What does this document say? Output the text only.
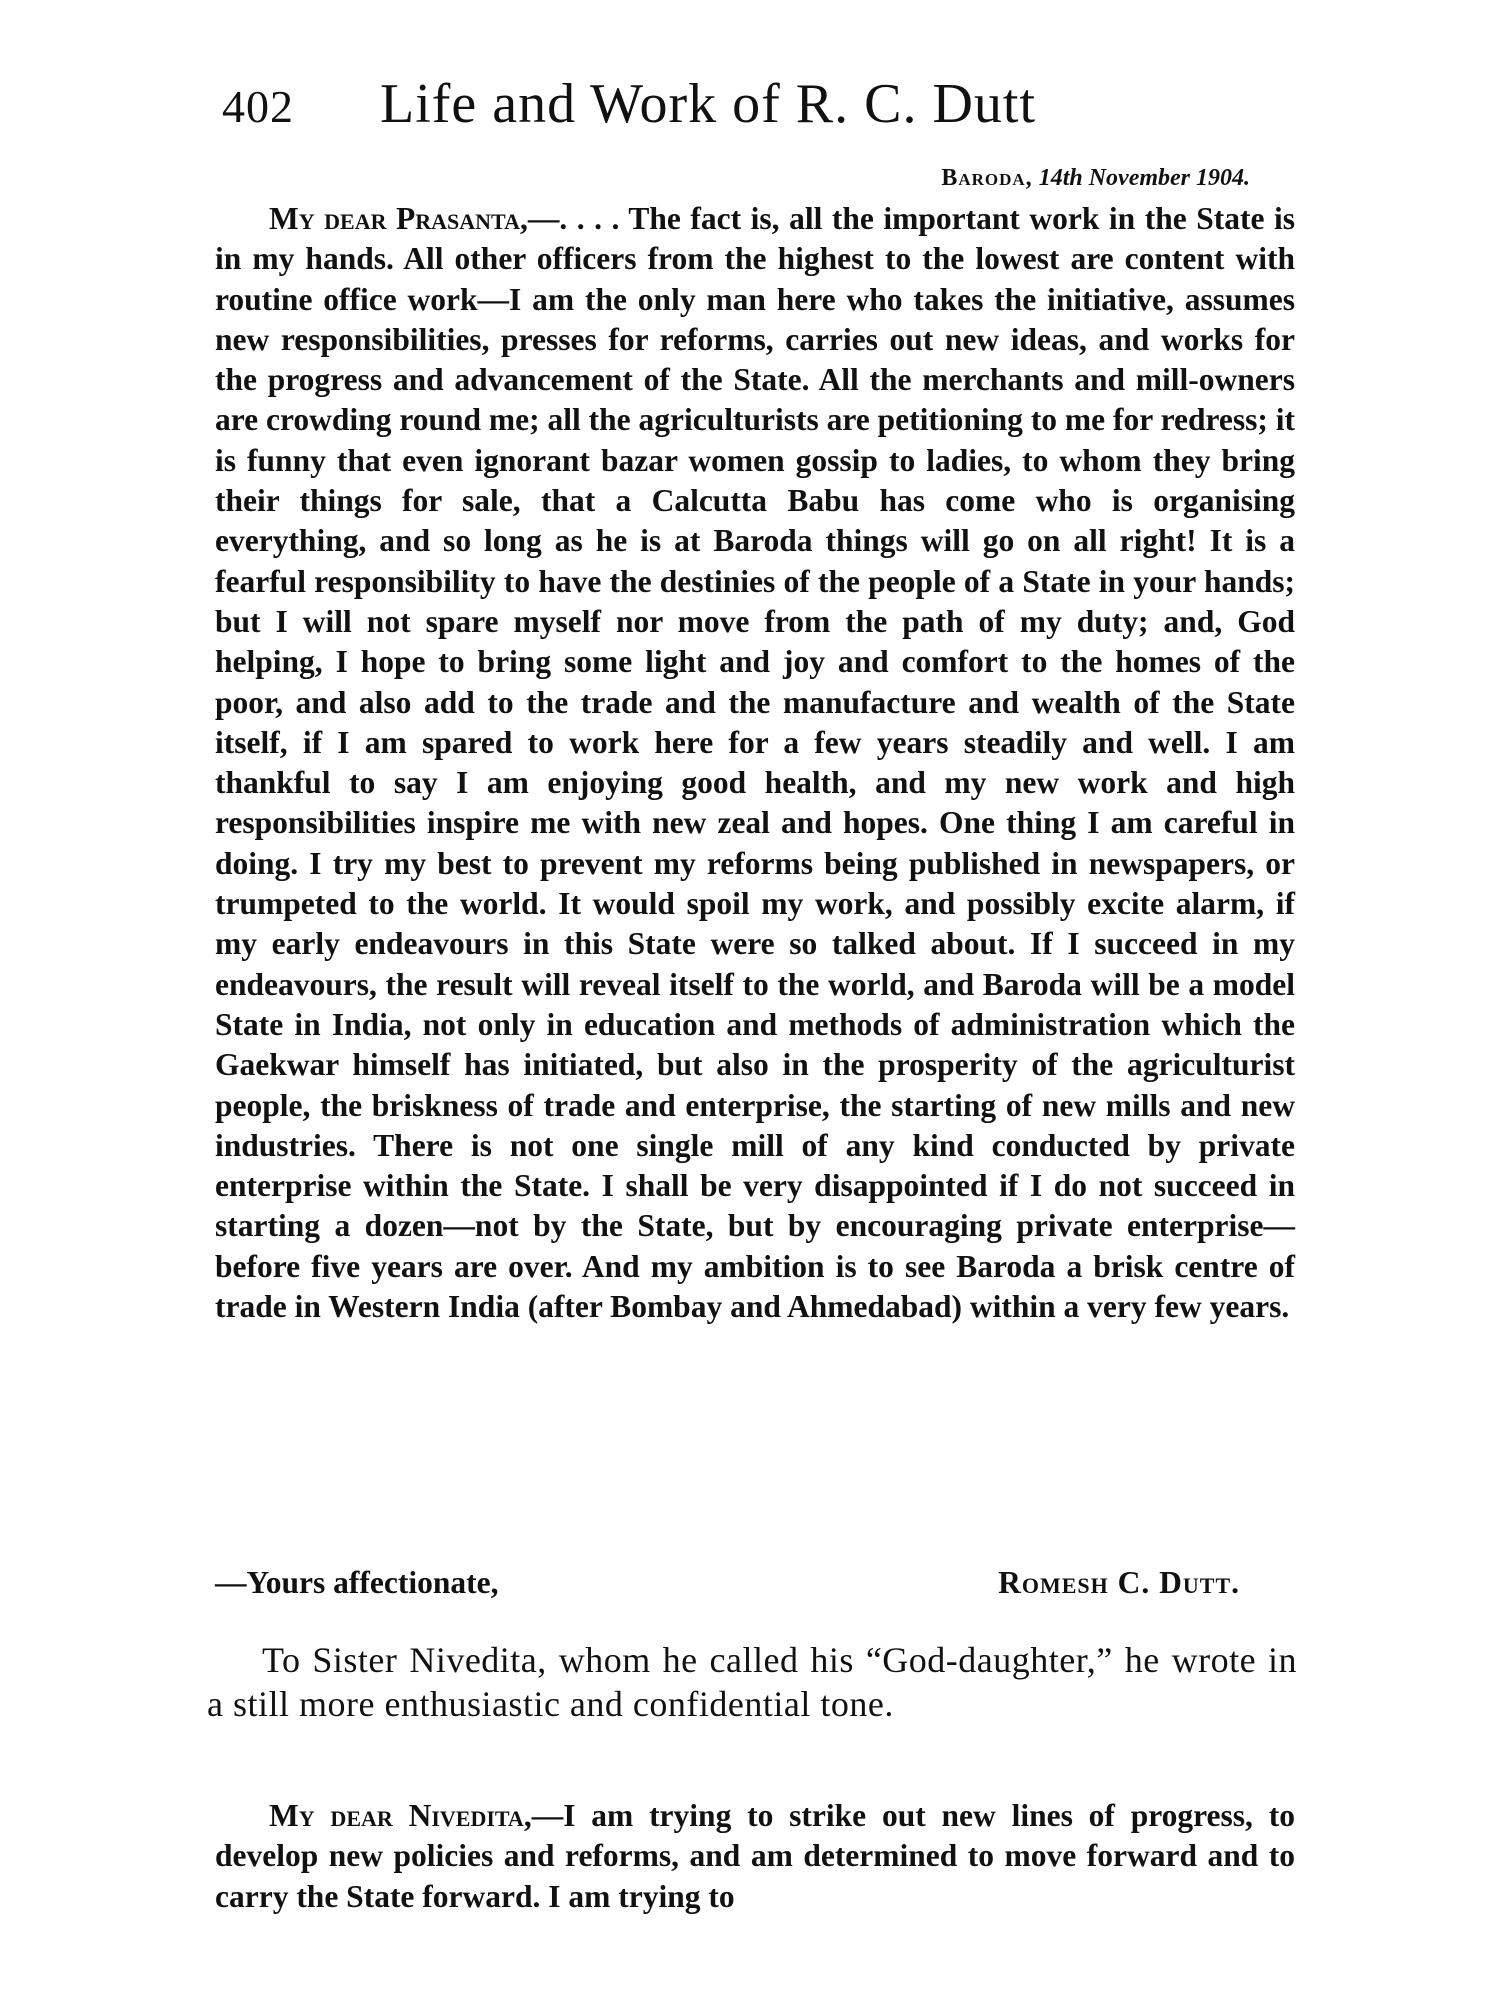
402 Life and Work of R. C. Dutt
Baroda, 14th November 1904.

My dear Prasanta,—. . . . The fact is, all the important work in the State is in my hands. All other officers from the highest to the lowest are content with routine office work—I am the only man here who takes the initiative, assumes new responsibilities, presses for reforms, carries out new ideas, and works for the progress and advancement of the State. All the merchants and mill-owners are crowding round me; all the agriculturists are petitioning to me for redress; it is funny that even ignorant bazar women gossip to ladies, to whom they bring their things for sale, that a Calcutta Babu has come who is organising everything, and so long as he is at Baroda things will go on all right! It is a fearful responsibility to have the destinies of the people of a State in your hands; but I will not spare myself nor move from the path of my duty; and, God helping, I hope to bring some light and joy and comfort to the homes of the poor, and also add to the trade and the manufacture and wealth of the State itself, if I am spared to work here for a few years steadily and well. I am thankful to say I am enjoying good health, and my new work and high responsibilities inspire me with new zeal and hopes. One thing I am careful in doing. I try my best to prevent my reforms being published in newspapers, or trumpeted to the world. It would spoil my work, and possibly excite alarm, if my early endeavours in this State were so talked about. If I succeed in my endeavours, the result will reveal itself to the world, and Baroda will be a model State in India, not only in education and methods of administration which the Gaekwar himself has initiated, but also in the prosperity of the agriculturist people, the briskness of trade and enterprise, the starting of new mills and new industries. There is not one single mill of any kind conducted by private enterprise within the State. I shall be very disappointed if I do not succeed in starting a dozen—not by the State, but by encouraging private enterprise—before five years are over. And my ambition is to see Baroda a brisk centre of trade in Western India (after Bombay and Ahmedabad) within a very few years.

—Yours affectionate,	Romesh C. Dutt.

To Sister Nivedita, whom he called his “God-daughter,” he wrote in a still more enthusiastic and confidential tone.

My dear Nivedita,—I am trying to strike out new lines of progress, to develop new policies and reforms, and am determined to move forward and to carry the State forward. I am trying to
